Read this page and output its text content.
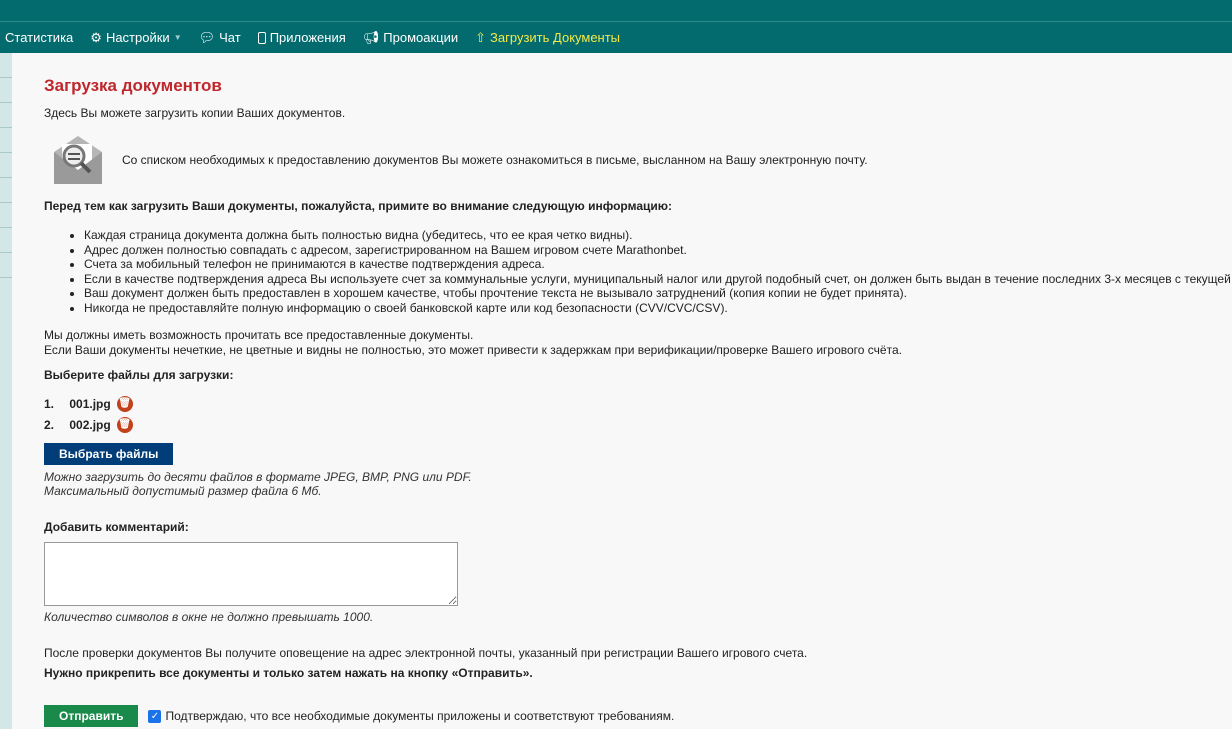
Статистика ⚙ Настройки ▼ 💬︎ Чат Приложения 📢︎ Промоакции ⇧ Загрузить Документы
Загрузка документов

Здесь Вы можете загрузить копии Ваших документов.

Со списком необходимых к предоставлению документов Вы можете ознакомиться в письме, высланном на Вашу электронную почту.

Перед тем как загрузить Ваши документы, пожалуйста, примите во внимание следующую информацию:

• Каждая страница документа должна быть полностью видна (убедитесь, что ее края четко видны).
• Адрес должен полностью совпадать с адресом, зарегистрированном на Вашем игровом счете Marathonbet.
• Счета за мобильный телефон не принимаются в качестве подтверждения адреса.
• Если в качестве подтверждения адреса Вы используете счет за коммунальные услуги, муниципальный налог или другой подобный счет, он должен быть выдан в течение последних 3-х месяцев с текущей
• Ваш документ должен быть предоставлен в хорошем качестве, чтобы прочтение текста не вызывало затруднений (копия копии не будет принята).
• Никогда не предоставляйте полную информацию о своей банковской карте или код безопасности (CVV/CVC/CSV).

Мы должны иметь возможность прочитать все предоставленные документы.

Если Ваши документы нечеткие, не цветные и видны не полностью, это может привести к задержкам при верификации/проверке Вашего игрового счёта.

Выберите файлы для загрузки:

1.
001.jpg 🗑︎
2.
002.jpg 🗑︎
Выбрать файлы

Можно загрузить до десяти файлов в формате JPEG, BMP, PNG или PDF.

Максимальный допустимый размер файла 6 Мб.

Добавить комментарий:

Количество символов в окне не должно превышать 1000.

После проверки документов Вы получите оповещение на адрес электронной почты, указанный при регистрации Вашего игрового счета.

Нужно прикрепить все документы и только затем нажать на кнопку «Отправить».

Отправить	✓ Подтверждаю, что все необходимые документы приложены и соответствуют требованиям.
